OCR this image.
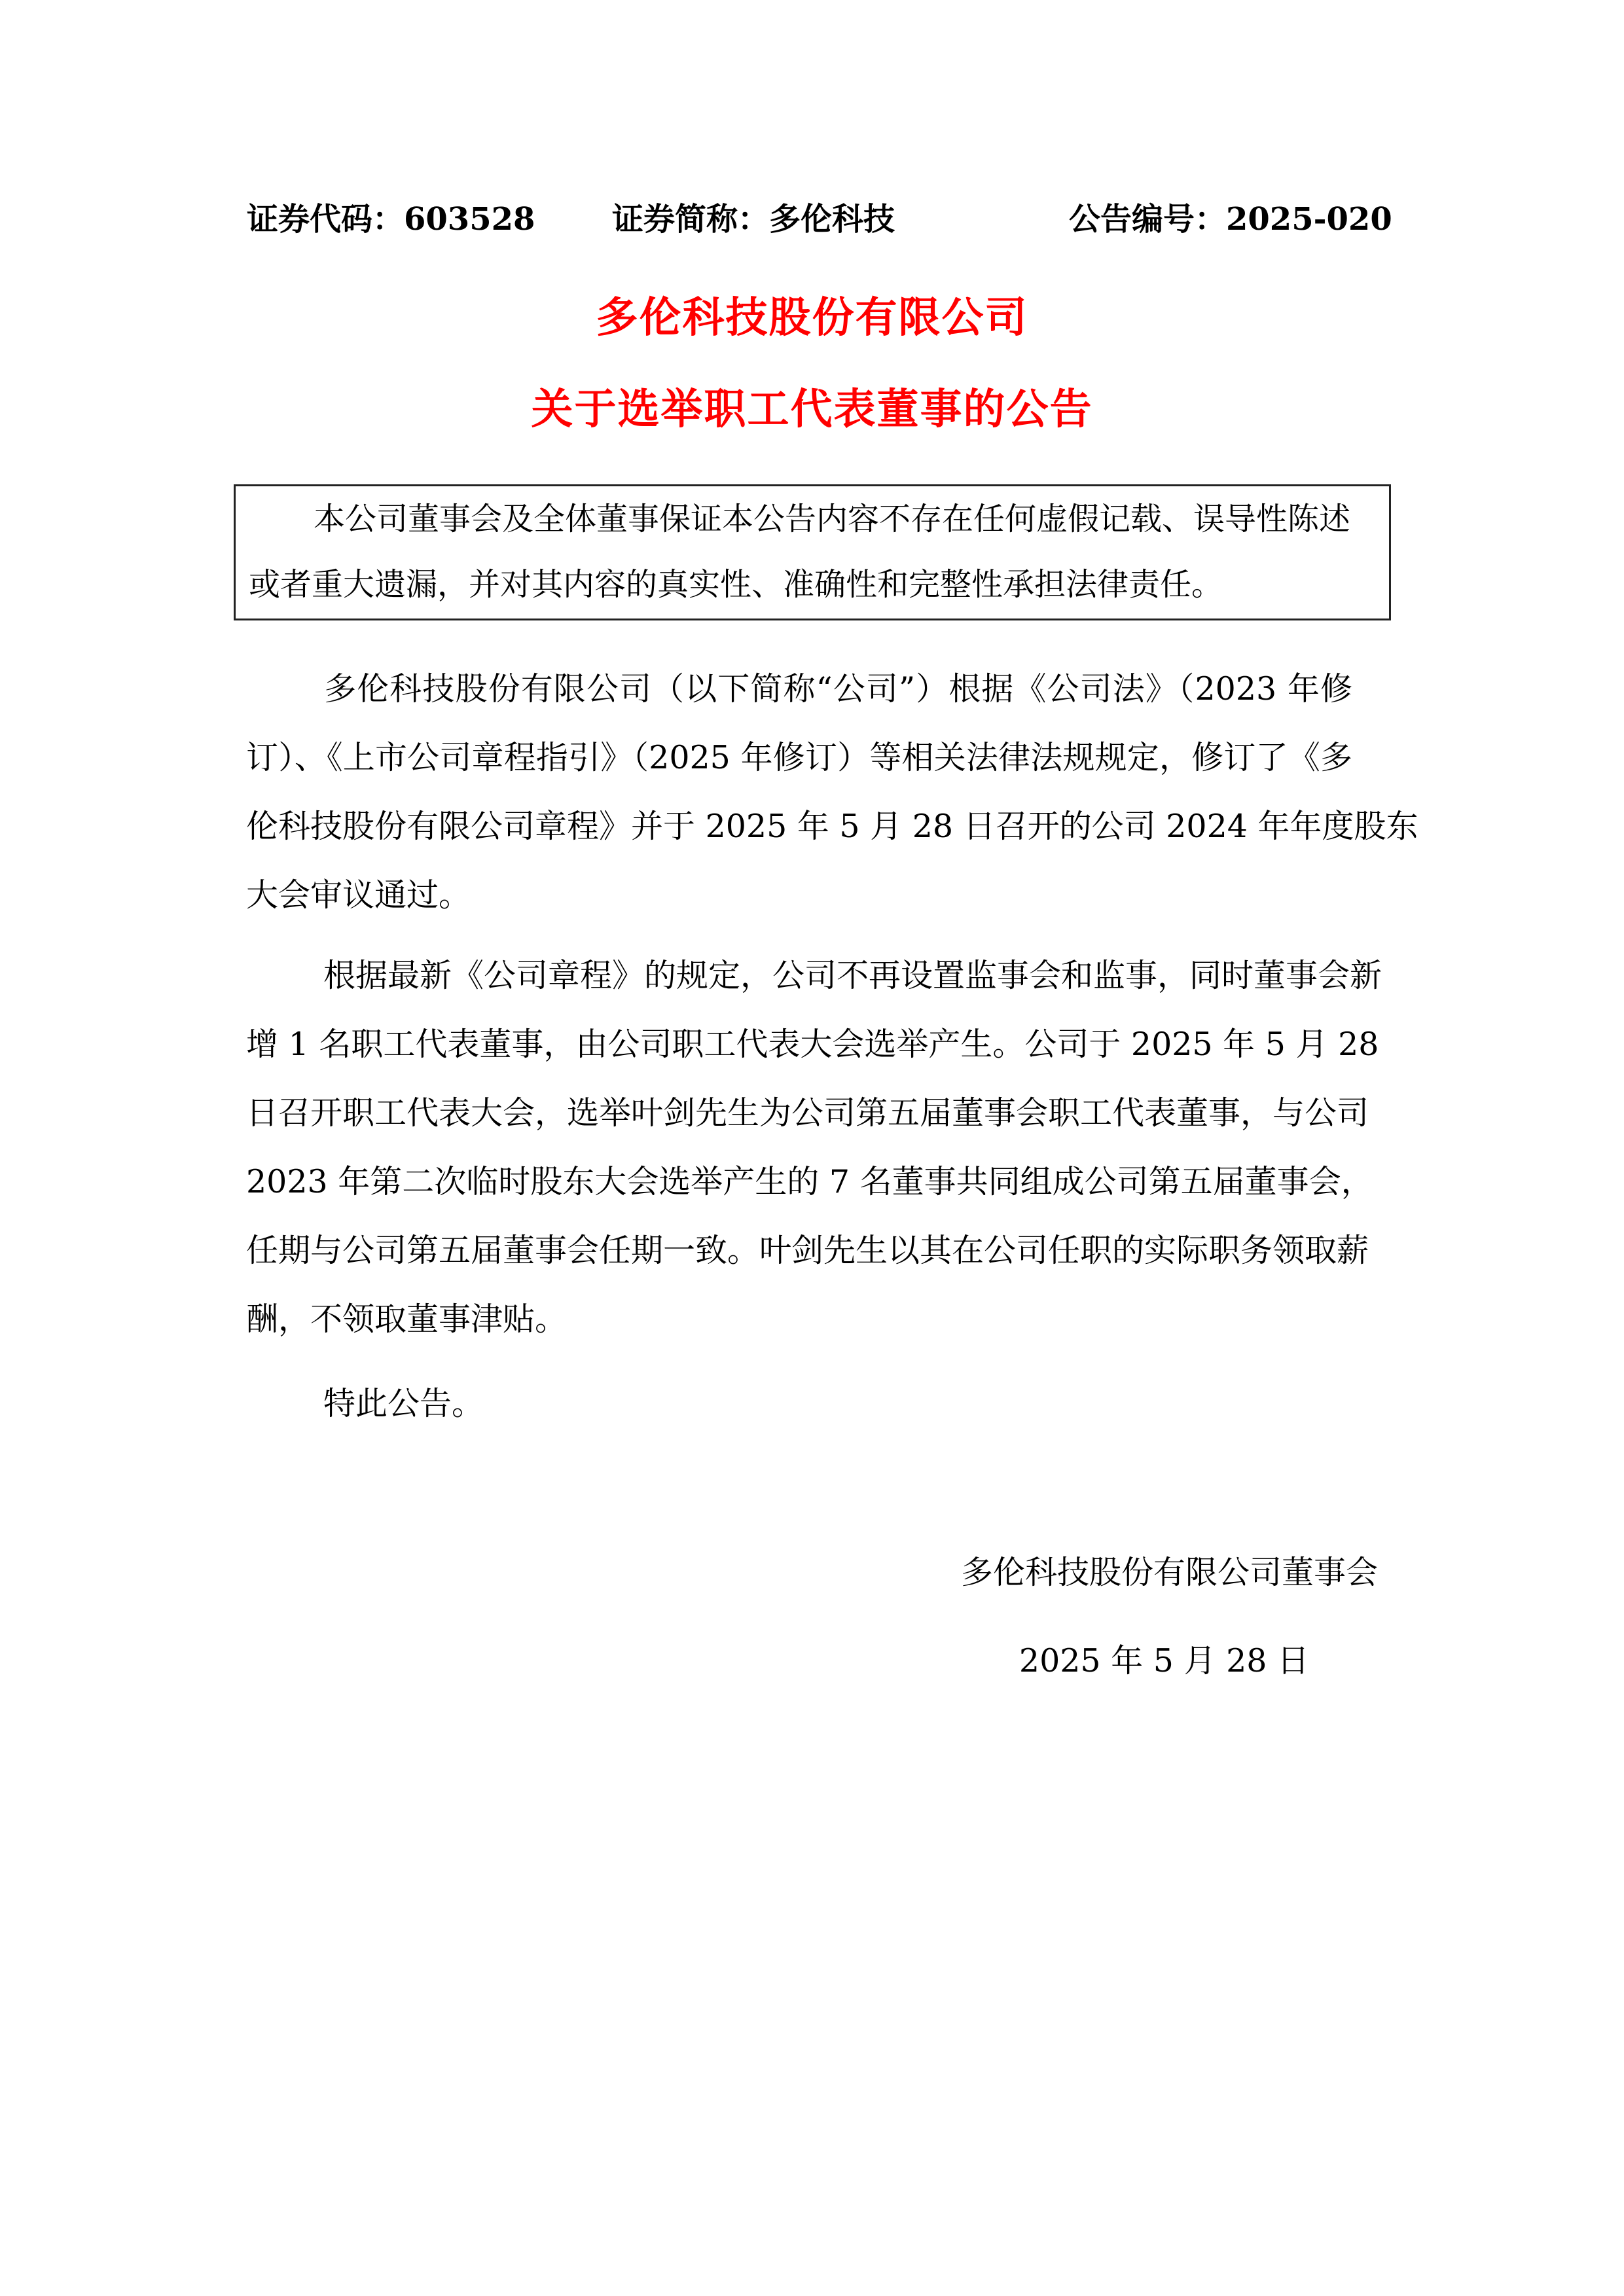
证券代码：603528 证券简称：多伦科技	公告编号：2025-020
多伦科技股份有限公司
关于选举职工代表董事的公告

本公司董事会及全体董事保证本公告内容不存在任何虚假记载、误导性陈述

或者重大遗漏，并对其内容的真实性、准确性和完整性承担法律责任。

多伦科技股份有限公司（以下简称“公司”）根据《公司法》（2023 年修
订）、《上市公司章程指引》（2025 年修订）等相关法律法规规定，修订了《多
伦科技股份有限公司章程》并于 2025 年 5 月 28 日召开的公司 2024 年年度股东
大会审议通过。
根据最新《公司章程》的规定，公司不再设置监事会和监事，同时董事会新
增 1 名职工代表董事，由公司职工代表大会选举产生。公司于 2025 年 5 月 28
日召开职工代表大会，选举叶剑先生为公司第五届董事会职工代表董事，与公司
2023 年第二次临时股东大会选举产生的 7 名董事共同组成公司第五届董事会，
任期与公司第五届董事会任期一致。叶剑先生以其在公司任职的实际职务领取薪
酬，不领取董事津贴。
特此公告。
多伦科技股份有限公司董事会
2025 年 5 月 28 日
